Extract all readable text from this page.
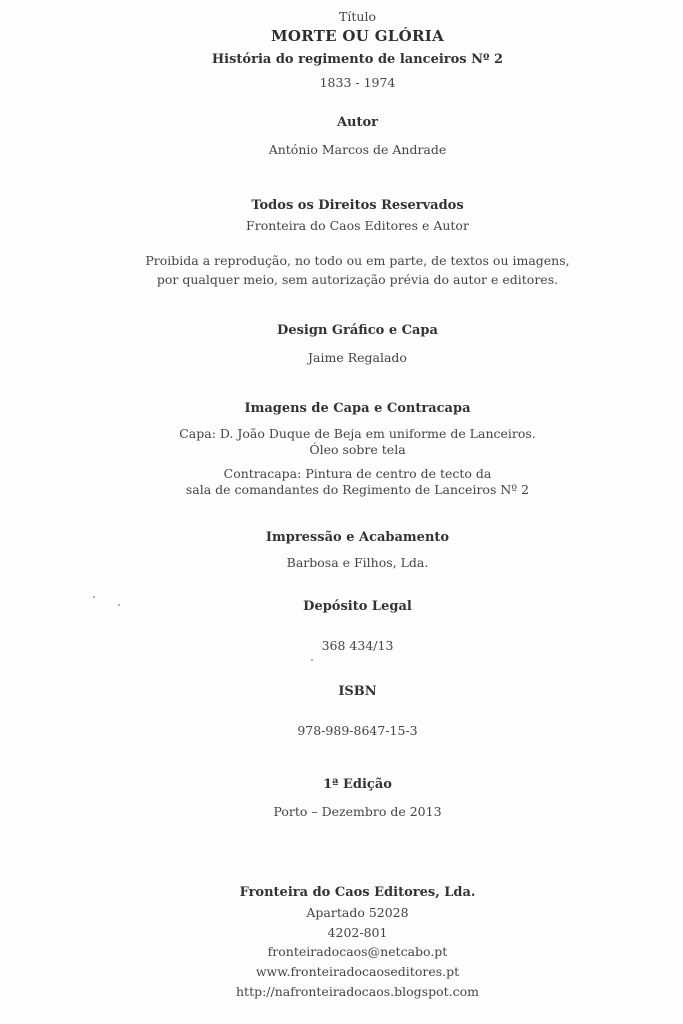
Título
MORTE OU GLÓRIA
História do regimento de lanceiros Nº 2
1833 - 1974
Autor
António Marcos de Andrade
Todos os Direitos Reservados
Fronteira do Caos Editores e Autor
Proibida a reprodução, no todo ou em parte, de textos ou imagens,
por qualquer meio, sem autorização prévia do autor e editores.
Design Gráfico e Capa
Jaime Regalado
Imagens de Capa e Contracapa
Capa: D. João Duque de Beja em uniforme de Lanceiros.
Óleo sobre tela
Contracapa: Pintura de centro de tecto da
sala de comandantes do Regimento de Lanceiros Nº 2
Impressão e Acabamento
Barbosa e Filhos, Lda.
Depósito Legal
368 434/13
ISBN
978-989-8647-15-3
1ª Edição
Porto – Dezembro de 2013
Fronteira do Caos Editores, Lda.
Apartado 52028
4202-801
fronteiradocaos@netcabo.pt
www.fronteiradocaoseditores.pt
http://nafronteiradocaos.blogspot.com
